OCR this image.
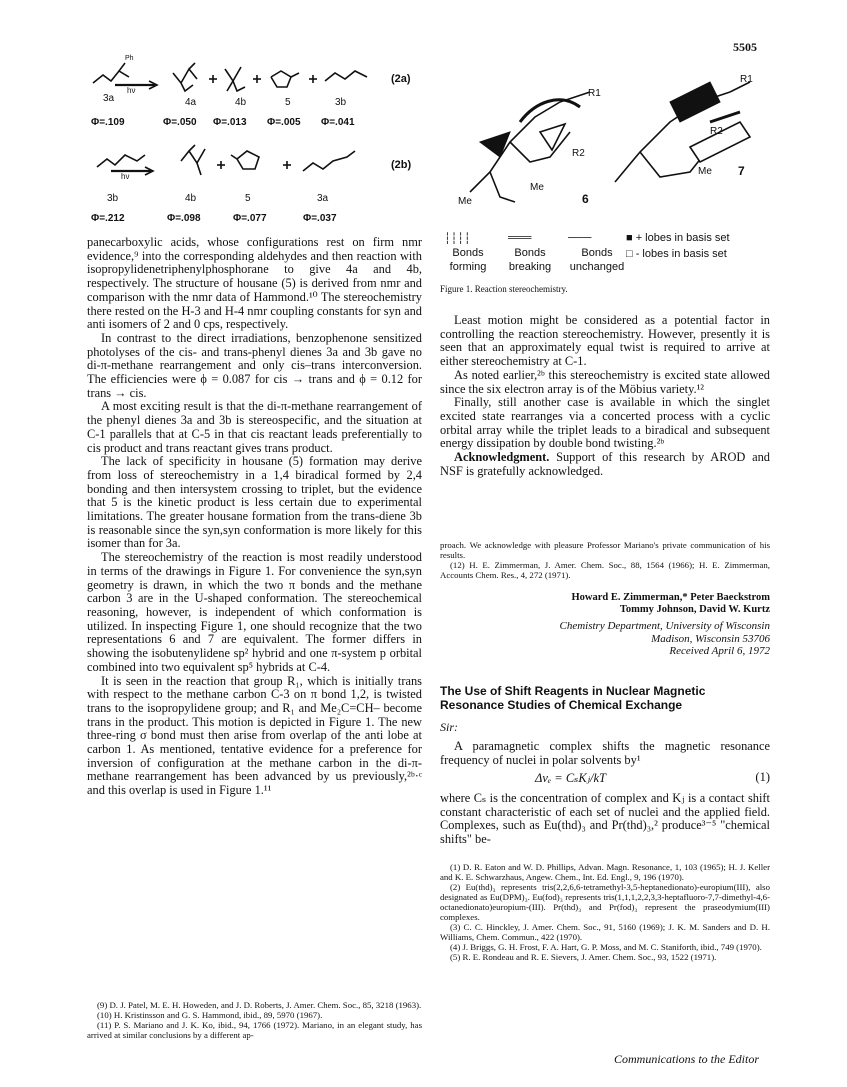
5505
Ph
hν
hν
(2a)
(2b)
3a	4a	4b	5	3b
Φ=.109	Φ=.050 Φ=.013 Φ=.005 Φ=.041
3b	4b	5	3a
Φ=.212	Φ=.098	Φ=.077	Φ=.037
6
7
Me
Me
Me
R1
R1
R2
R2
┆┆┆┆	═══	───
Bonds forming
Bonds breaking
Bonds unchanged
■ + lobes in basis set
□ - lobes in basis set
Figure 1. Reaction stereochemistry.

panecarboxylic acids, whose configurations rest on firm nmr evidence,⁹ into the corresponding aldehydes and then reaction with isopropylidenetriphenylphosphorane to give 4a and 4b, respectively. The structure of housane (5) is derived from nmr and comparison with the nmr data of Hammond.¹⁰ The stereochemistry there rested on the H-3 and H-4 nmr coupling constants for syn and anti isomers of 2 and 0 cps, respectively.

In contrast to the direct irradiations, benzophenone sensitized photolyses of the cis- and trans-phenyl dienes 3a and 3b gave no di-π-methane rearrangement and only cis–trans interconversion. The efficiencies were ϕ = 0.087 for cis → trans and ϕ = 0.12 for trans → cis.

A most exciting result is that the di-π-methane rearrangement of the phenyl dienes 3a and 3b is stereospecific, and the situation at C-1 parallels that at C-5 in that cis reactant leads preferentially to cis product and trans reactant gives trans product.

The lack of specificity in housane (5) formation may derive from loss of stereochemistry in a 1,4 biradical formed by 2,4 bonding and then intersystem crossing to triplet, but the evidence that 5 is the kinetic product is less certain due to experimental limitations. The greater housane formation from the trans-diene 3b is reasonable since the syn,syn conformation is more likely for this isomer than for 3a.

The stereochemistry of the reaction is most readily understood in terms of the drawings in Figure 1. For convenience the syn,syn geometry is drawn, in which the two π bonds and the methane carbon 3 are in the U-shaped conformation. The stereochemical reasoning, however, is independent of which conformation is utilized. In inspecting Figure 1, one should recognize that the two representations 6 and 7 are equivalent. The former differs in showing the isobutenylidene sp² hybrid and one π-system p orbital combined into two equivalent sp⁵ hybrids at C-4.

It is seen in the reaction that group R₁, which is initially trans with respect to the methane carbon C-3 on π bond 1,2, is twisted trans to the isopropylidene group; and R₁ and Me₂C=CH– become trans in the product. This motion is depicted in Figure 1. The new three-ring σ bond must then arise from overlap of the anti lobe at carbon 1. As mentioned, tentative evidence for a preference for inversion of configuration at the methane carbon in the di-π-methane rearrangement has been advanced by us previously,²ᵇ·ᶜ and this overlap is used in Figure 1.¹¹

(9) D. J. Patel, M. E. H. Howeden, and J. D. Roberts, J. Amer. Chem. Soc., 85, 3218 (1963).

(10) H. Kristinsson and G. S. Hammond, ibid., 89, 5970 (1967).

(11) P. S. Mariano and J. K. Ko, ibid., 94, 1766 (1972). Mariano, in an elegant study, has arrived at similar conclusions by a different ap-

Least motion might be considered as a potential factor in controlling the reaction stereochemistry. However, presently it is seen that an approximately equal twist is required to arrive at either stereochemistry at C-1.

As noted earlier,²ᵇ this stereochemistry is excited state allowed since the six electron array is of the Möbius variety.¹²

Finally, still another case is available in which the singlet excited state rearranges via a concerted process with a cyclic orbital array while the triplet leads to a biradical and subsequent energy dissipation by double bond twisting.²ᵇ

Acknowledgment. Support of this research by AROD and NSF is gratefully acknowledged.

proach. We acknowledge with pleasure Professor Mariano's private communication of his results.

(12) H. E. Zimmerman, J. Amer. Chem. Soc., 88, 1564 (1966); H. E. Zimmerman, Accounts Chem. Res., 4, 272 (1971).

Howard E. Zimmerman,* Peter Baeckstrom
Tommy Johnson, David W. Kurtz
Chemistry Department, University of Wisconsin
Madison, Wisconsin 53706
Received April 6, 1972
The Use of Shift Reagents in Nuclear Magnetic Resonance Studies of Chemical Exchange
Sir:

A paramagnetic complex shifts the magnetic resonance frequency of nuclei in polar solvents by¹

Δνₑ = CₛKⱼ/kT	(1)

where Cₛ is the concentration of complex and Kⱼ is a contact shift constant characteristic of each set of nuclei and the applied field. Complexes, such as Eu(thd)₃ and Pr(thd)₃,² produce³⁻⁵ "chemical shifts" be-

(1) D. R. Eaton and W. D. Phillips, Advan. Magn. Resonance, 1, 103 (1965); H. J. Keller and K. E. Schwarzhaus, Angew. Chem., Int. Ed. Engl., 9, 196 (1970).

(2) Eu(thd)₃ represents tris(2,2,6,6-tetramethyl-3,5-heptanedionato)-europium(III), also designated as Eu(DPM)₃. Eu(fod)₃ represents tris(1,1,1,2,2,3,3-heptafluoro-7,7-dimethyl-4,6-octanedionato)europium-(III). Pr(thd)₃ and Pr(fod)₃ represent the praseodymium(III) complexes.

(3) C. C. Hinckley, J. Amer. Chem. Soc., 91, 5160 (1969); J. K. M. Sanders and D. H. Williams, Chem. Commun., 422 (1970).

(4) J. Briggs, G. H. Frost, F. A. Hart, G. P. Moss, and M. C. Staniforth, ibid., 749 (1970).

(5) R. E. Rondeau and R. E. Sievers, J. Amer. Chem. Soc., 93, 1522 (1971).

Communications to the Editor
